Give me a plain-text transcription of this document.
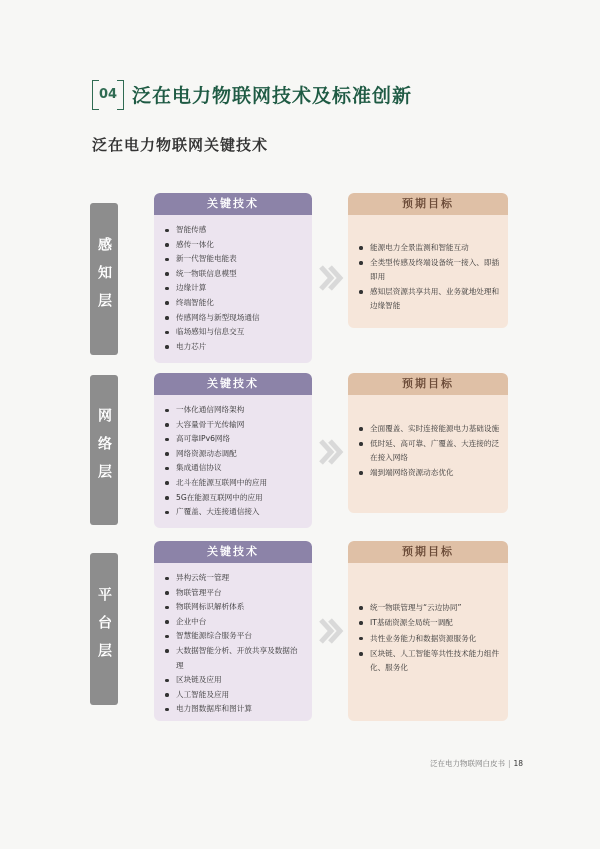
04 泛在电力物联网技术及标准创新
泛在电力物联网关键技术
感知层
关键技术
智能传感
感传一体化
新一代智能电能表
统一物联信息模型
边缘计算
终端智能化
传感网络与新型现场通信
临场感知与信息交互
电力芯片
预期目标
能源电力全景监测和智能互动
全类型传感及终端设备统一接入、即插即用
感知层资源共享共用、业务就地处理和边缘智能
网络层
关键技术
一体化通信网络架构
大容量骨干光传输网
高可靠IPv6网络
网络资源动态调配
集成通信协议
北斗在能源互联网中的应用
5G在能源互联网中的应用
广覆盖、大连接通信接入
预期目标
全面覆盖、实时连接能源电力基础设施
低时延、高可靠、广覆盖、大连接的泛在接入网络
端到端网络资源动态优化
平台层
关键技术
异构云统一管理
物联管理平台
物联网标识解析体系
企业中台
智慧能源综合服务平台
大数据智能分析、开放共享及数据治理
区块链及应用
人工智能及应用
电力图数据库和图计算
预期目标
统一物联管理与“云边协同”
IT基础资源全局统一调配
共性业务能力和数据资源服务化
区块链、人工智能等共性技术能力组件化、服务化
泛在电力物联网白皮书 | 18
